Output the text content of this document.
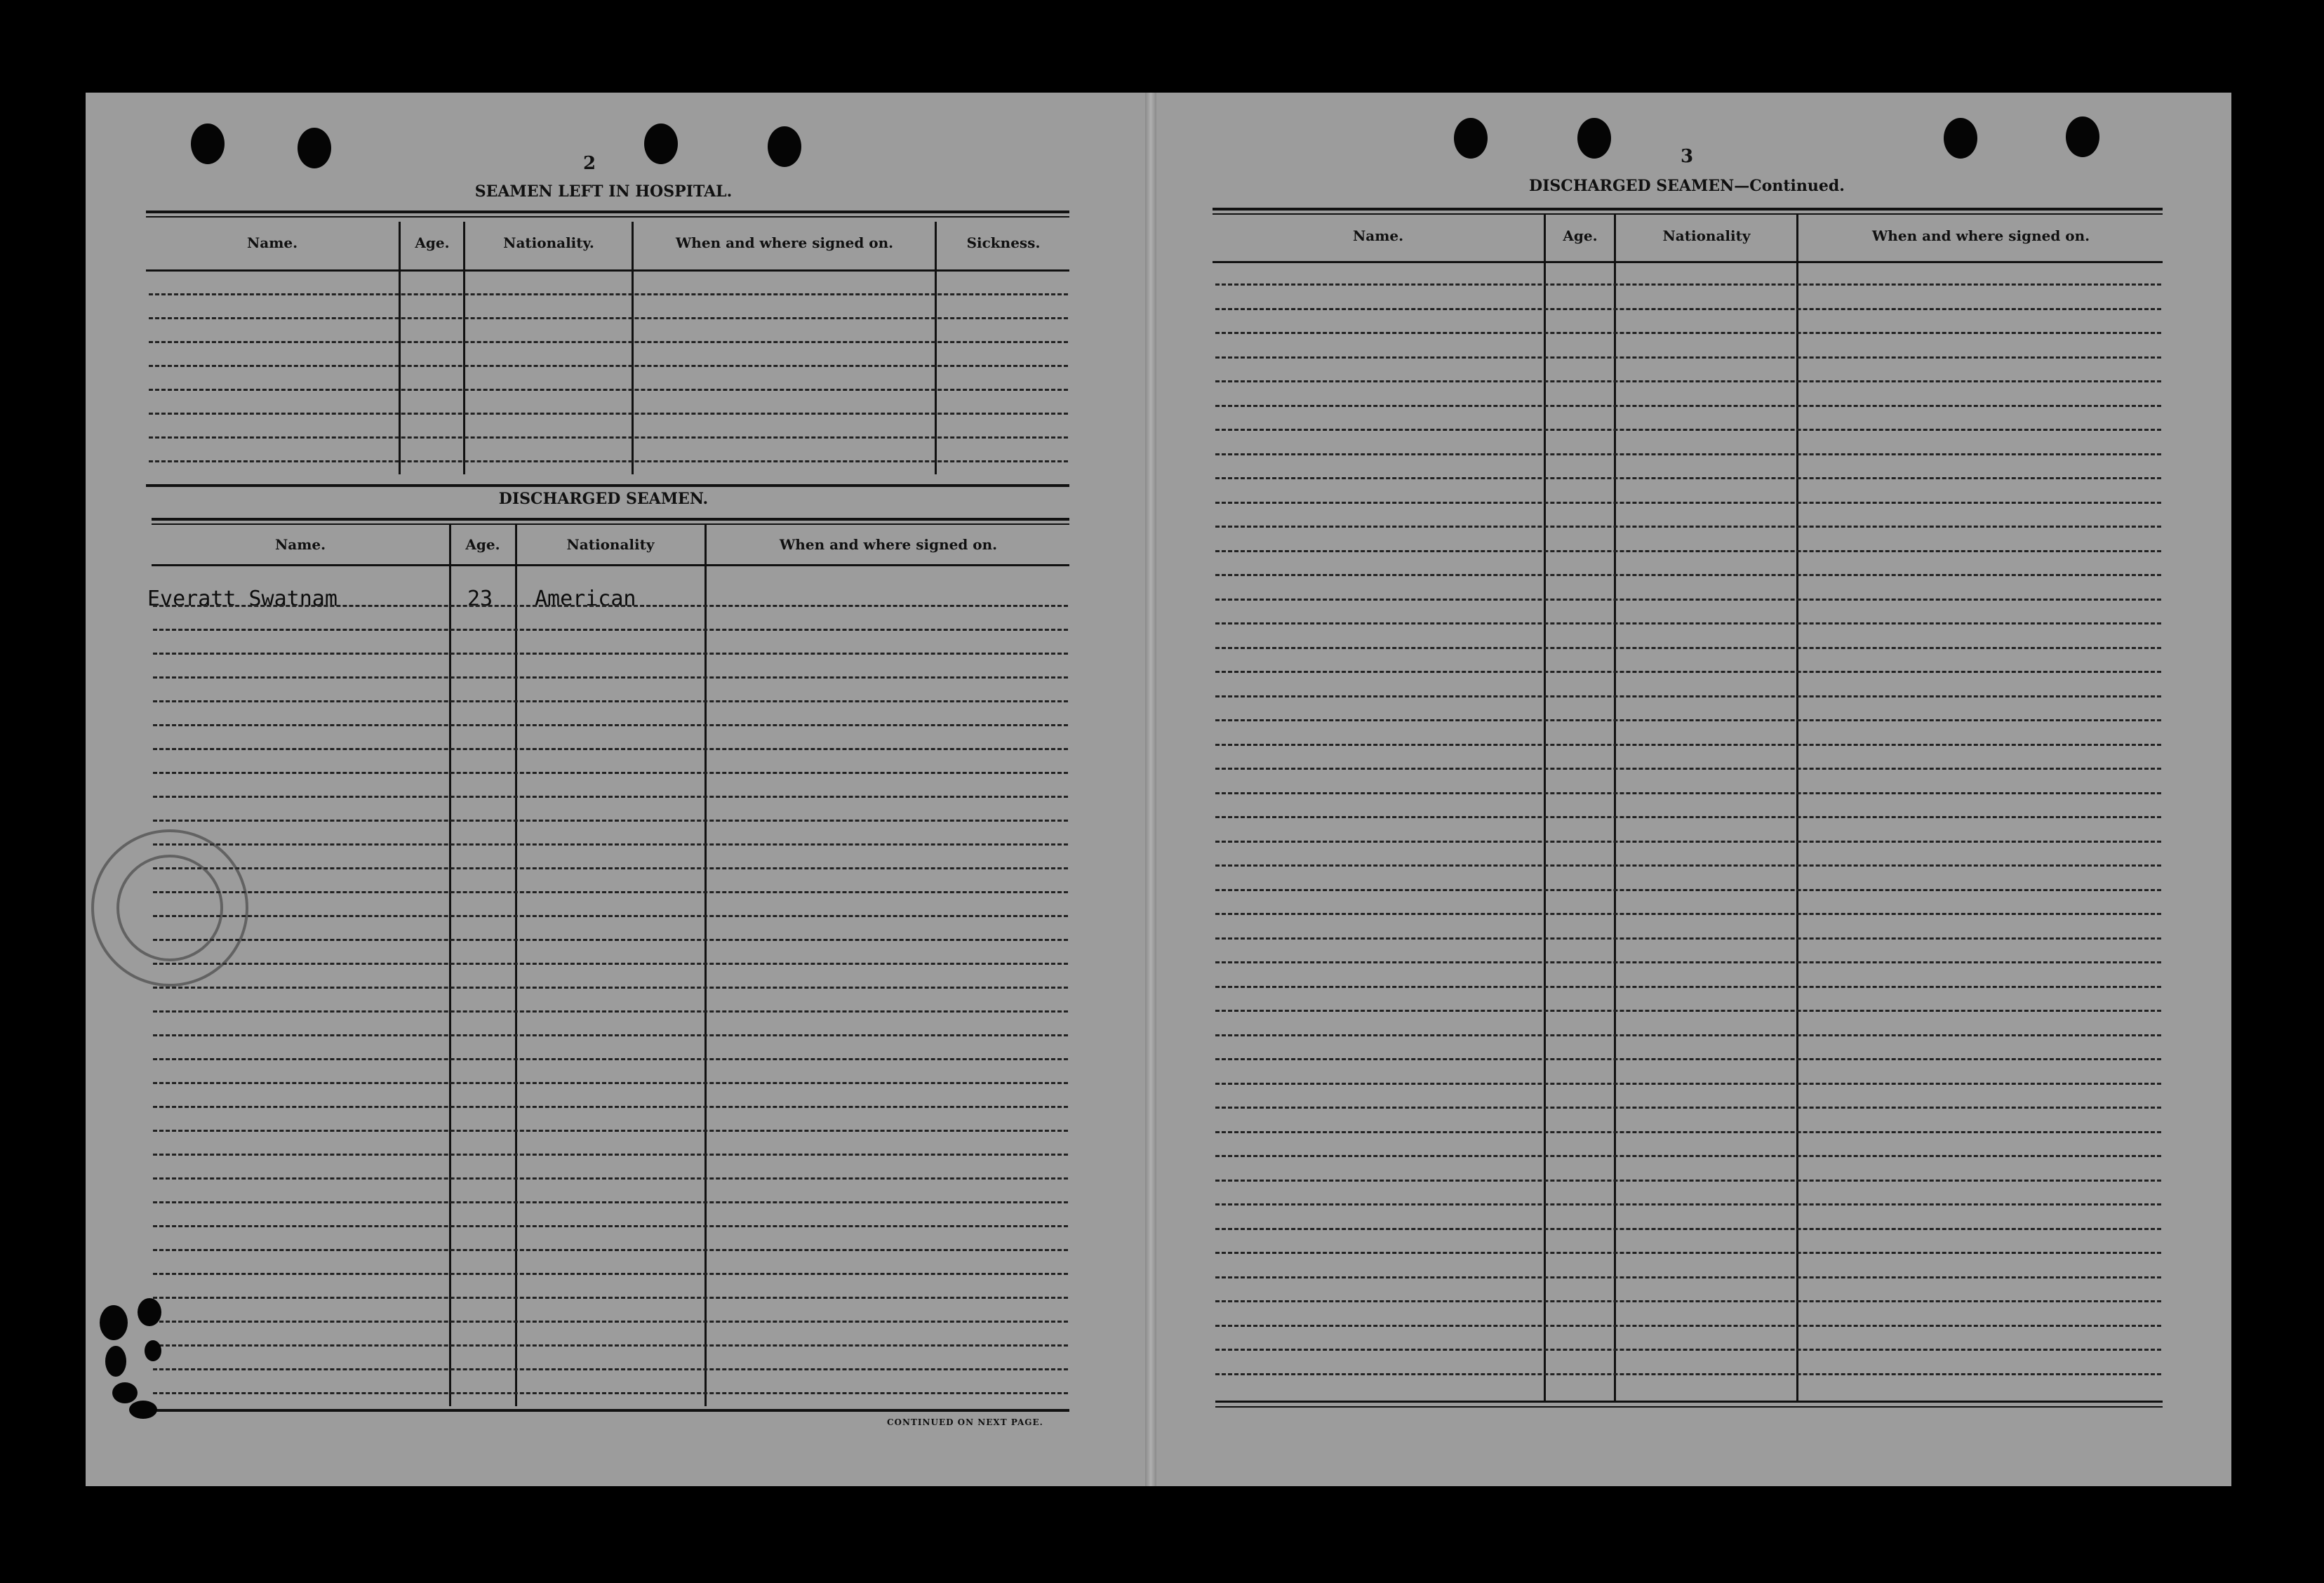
2
SEAMEN LEFT IN HOSPITAL.
Name.	Age.	Nationality.	When and where signed on.	Sickness.
DISCHARGED SEAMEN.
Name.	Age.	Nationality	When and where signed on.
Everatt Swatnam	23 American
CONTINUED ON NEXT PAGE.
3
DISCHARGED SEAMEN—Continued.
Name.	Age.	Nationality	When and where signed on.
